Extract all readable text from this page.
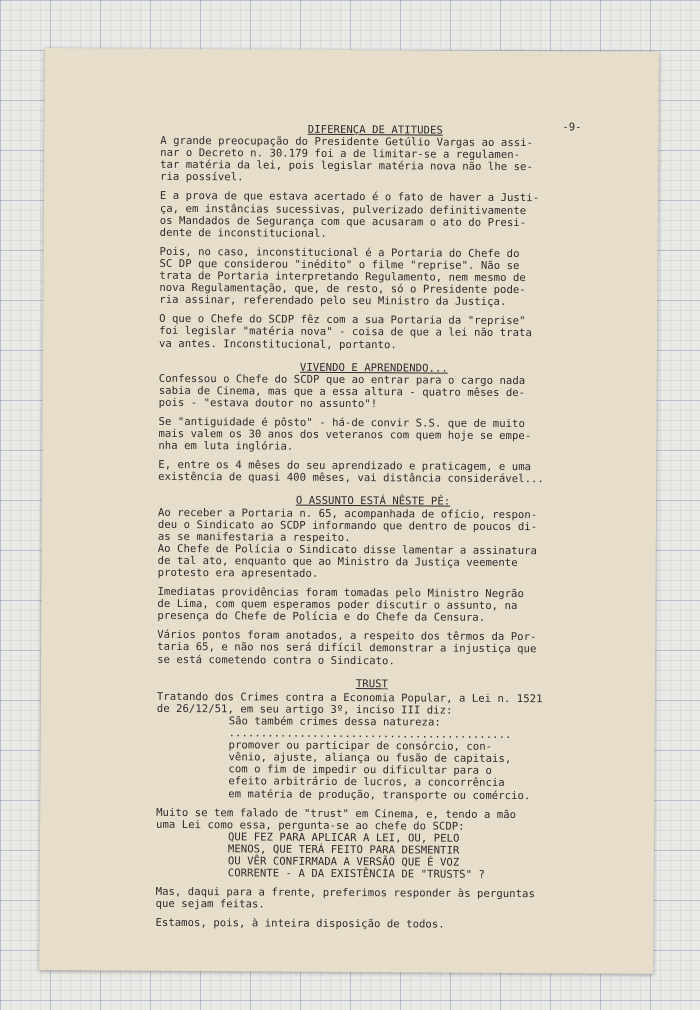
-9-

DIFERENÇA DE ATITUDES

A grande preocupação do Presidente Getúlio Vargas ao assi-
nar o Decreto n. 30.179 foi a de limitar-se a regulamen-
tar matéria da lei, pois legislar matéria nova não lhe se-
ria possível.

E a prova de que estava acertado é o fato de haver a Justi-
ça, em instâncias sucessivas, pulverizado definitivamente
os Mandados de Segurança com que acusaram o ato do Presi-
dente de inconstitucional.

Pois, no caso, inconstitucional é a Portaria do Chefe do
SC DP que considerou "inédito" o filme "reprise". Não se
trata de Portaria interpretando Regulamento, nem mesmo de
nova Regulamentação, que, de resto, só o Presidente pode-
ria assinar, referendado pelo seu Ministro da Justiça.

O que o Chefe do SCDP fêz com a sua Portaria da "reprise"
foi legislar "matéria nova" - coisa de que a lei não trata
va antes. Inconstitucional, portanto.

VIVENDO E APRENDENDO...

Confessou o Chefe do SCDP que ao entrar para o cargo nada
sabia de Cinema, mas que a essa altura - quatro mêses de-
pois - "estava doutor no assunto"!

Se "antiguidade é pôsto" - há-de convir S.S. que de muito
mais valem os 30 anos dos veteranos com quem hoje se empe-
nha em luta inglória.

E, entre os 4 mêses do seu aprendizado e praticagem, e uma
existência de quasi 400 mêses, vai distância considerável...

O ASSUNTO ESTÁ NÊSTE PÉ:

Ao receber a Portaria n. 65, acompanhada de ofício, respon-
deu o Sindicato ao SCDP informando que dentro de poucos di-
as se manifestaria a respeito.
Ao Chefe de Polícia o Sindicato disse lamentar a assinatura
de tal ato, enquanto que ao Ministro da Justiça veemente
protesto era apresentado.

Imediatas providências foram tomadas pelo Ministro Negrão
de Lima, com quem esperamos poder discutir o assunto, na
presença do Chefe de Polícia e do Chefe da Censura.

Vários pontos foram anotados, a respeito dos têrmos da Por-
taria 65, e não nos será difícil demonstrar a injustiça que
se está cometendo contra o Sindicato.

TRUST

Tratando dos Crimes contra a Economia Popular, a Lei n. 1521
de 26/12/51, em seu artigo 3º, inciso III diz:

São também crimes dessa natureza:

............................................

promover ou participar de consórcio, con-
vênio, ajuste, aliança ou fusão de capitais,
com o fim de impedir ou dificultar para o
efeito arbitrário de lucros, a concorrência
em matéria de produção, transporte ou comércio.

Muito se tem falado de "trust" em Cinema, e, tendo a mão
uma Lei como essa, pergunta-se ao chefe do SCDP:

QUE FEZ PARA APLICAR A LEI, OU, PELO
MENOS, QUE TERÁ FEITO PARA DESMENTIR
OU VÊR CONFIRMADA A VERSÃO QUE É VOZ
CORRENTE - A DA EXISTÊNCIA DE "TRUSTS" ?

Mas, daqui para a frente, preferimos responder às perguntas
que sejam feitas.

Estamos, pois, à inteira disposição de todos.
